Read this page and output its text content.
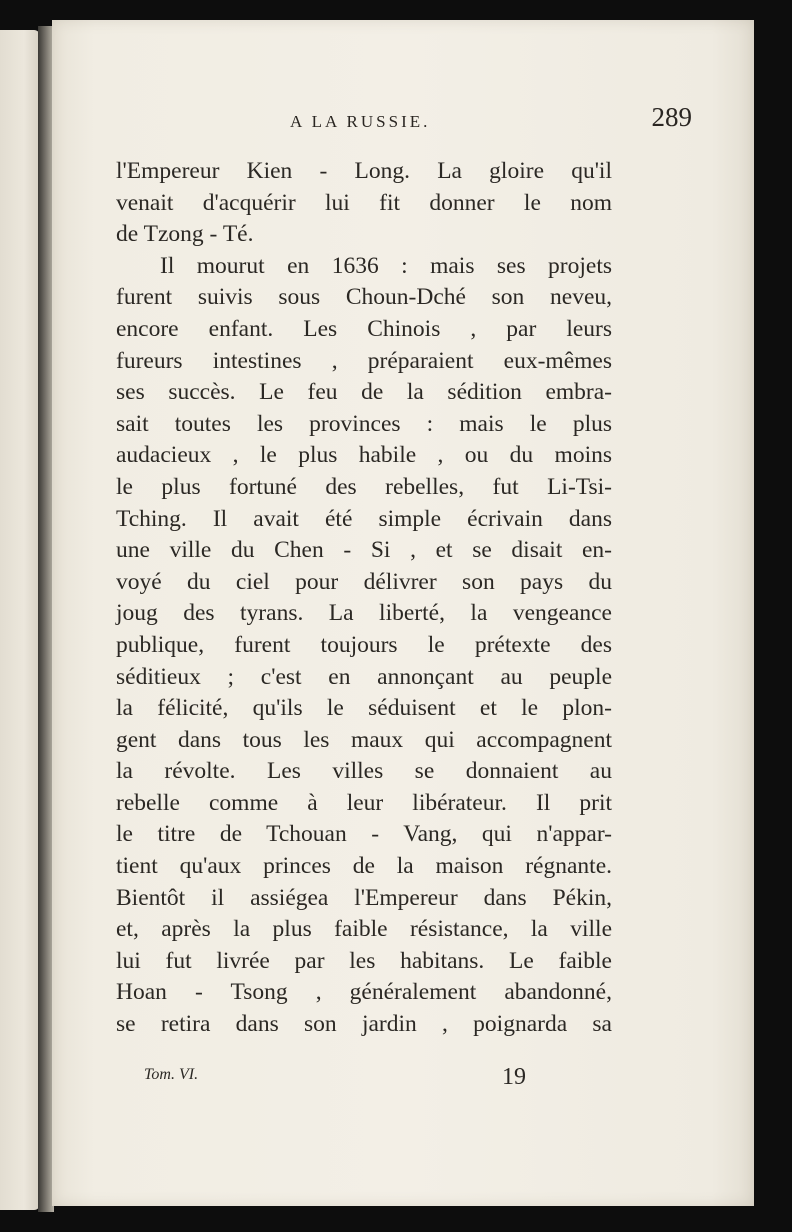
A LA RUSSIE.	289
l'Empereur Kien - Long. La gloire qu'il
venait d'acquérir lui fit donner le nom
de Tzong - Té.
Il mourut en 1636 : mais ses projets
furent suivis sous Choun-Dché son neveu,
encore enfant. Les Chinois , par leurs
fureurs intestines , préparaient eux-mêmes
ses succès. Le feu de la sédition embra-
sait toutes les provinces : mais le plus
audacieux , le plus habile , ou du moins
le plus fortuné des rebelles, fut Li-Tsi-
Tching. Il avait été simple écrivain dans
une ville du Chen - Si , et se disait en-
voyé du ciel pour délivrer son pays du
joug des tyrans. La liberté, la vengeance
publique, furent toujours le prétexte des
séditieux ; c'est en annonçant au peuple
la félicité, qu'ils le séduisent et le plon-
gent dans tous les maux qui accompagnent
la révolte. Les villes se donnaient au
rebelle comme à leur libérateur. Il prit
le titre de Tchouan - Vang, qui n'appar-
tient qu'aux princes de la maison régnante.
Bientôt il assiégea l'Empereur dans Pékin,
et, après la plus faible résistance, la ville
lui fut livrée par les habitans. Le faible
Hoan - Tsong , généralement abandonné,
se retira dans son jardin , poignarda sa
Tom. VI.	19
